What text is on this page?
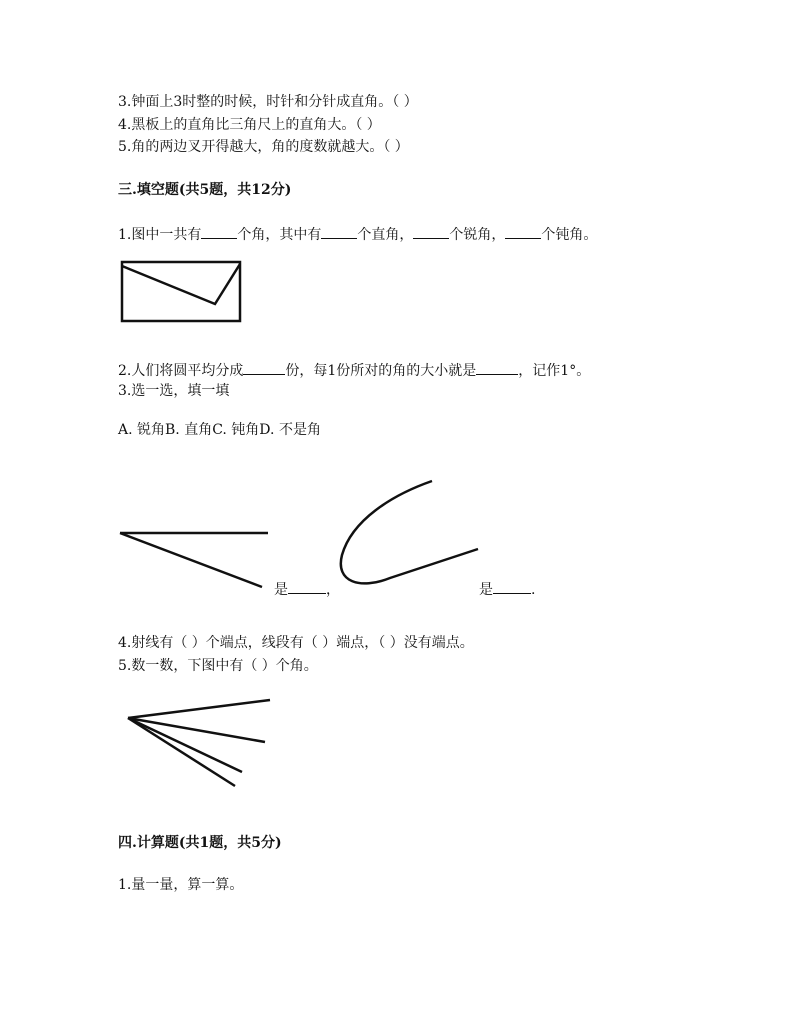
3.钟面上3时整的时候，时针和分针成直角。（ ）
4.黑板上的直角比三角尺上的直角大。（ ）
5.角的两边叉开得越大，角的度数就越大。（ ）
三.填空题(共5题，共12分)
1.图中一共有	个角，其中有	个直角，	个锐角，	个钝角。
2.人们将圆平均分成	份，每1份所对的角的大小就是	，记作1°。
3.选一选，填一填
A. 锐角B. 直角C. 钝角D. 不是角
是	，	是	.
4.射线有（ ）个端点，线段有（ ）端点，（ ）没有端点。
5.数一数，下图中有（ ）个角。
四.计算题(共1题，共5分)
1.量一量，算一算。
